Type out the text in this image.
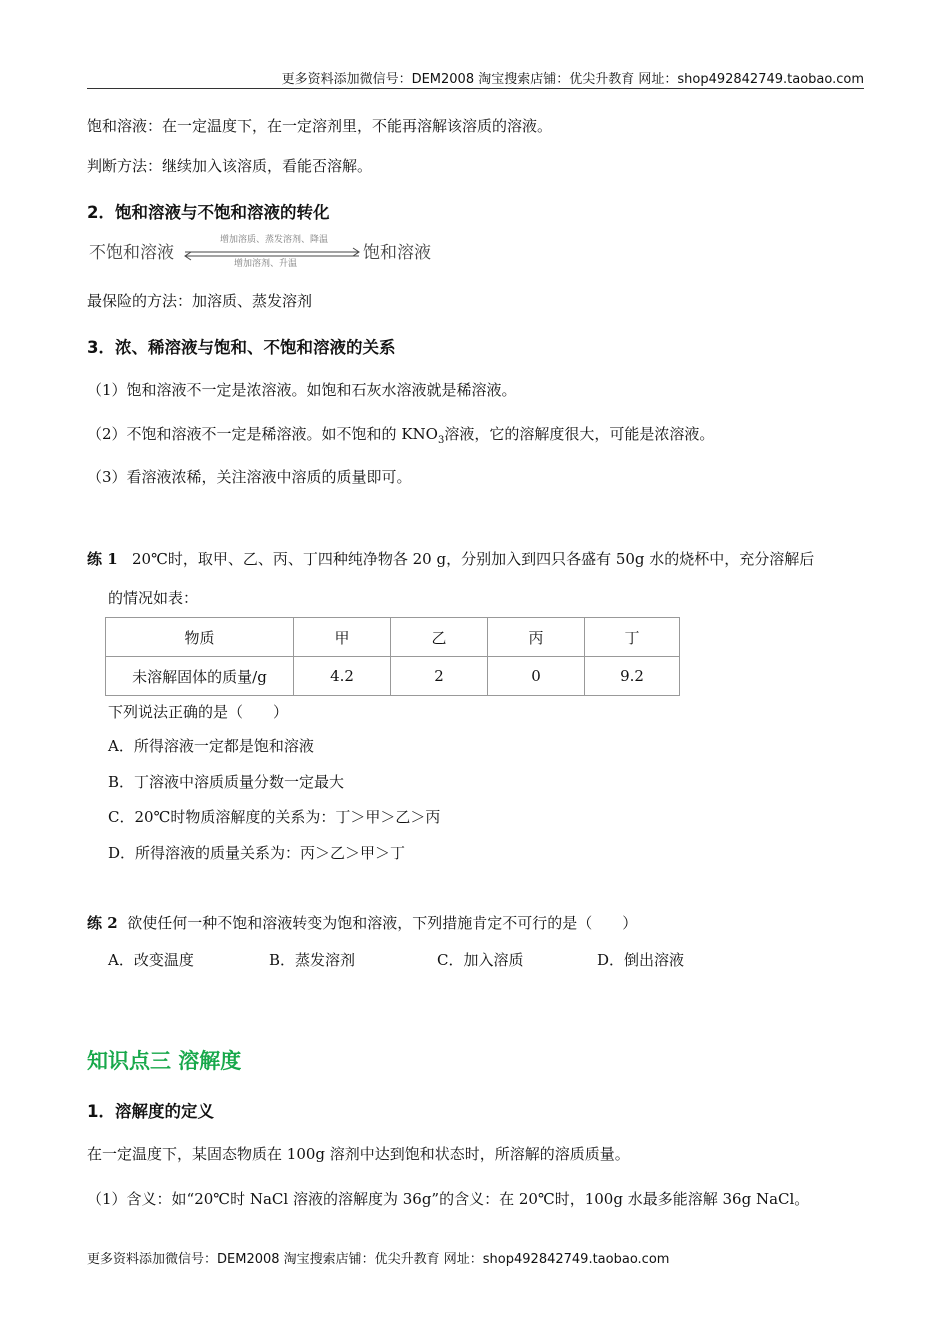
更多资料添加微信号：DEM2008 淘宝搜索店铺：优尖升教育 网址：shop492842749.taobao.com
饱和溶液：在一定温度下，在一定溶剂里，不能再溶解该溶质的溶液。
判断方法：继续加入该溶质，看能否溶解。
2．饱和溶液与不饱和溶液的转化
不饱和溶液
增加溶质、蒸发溶剂、降温
增加溶剂、升温
饱和溶液
最保险的方法：加溶质、蒸发溶剂
3．浓、稀溶液与饱和、不饱和溶液的关系
（1）饱和溶液不一定是浓溶液。如饱和石灰水溶液就是稀溶液。
（2）不饱和溶液不一定是稀溶液。如不饱和的 $KNO_3$溶液，它的溶解度很大，可能是浓溶液。
（3）看溶液浓稀，关注溶液中溶质的质量即可。
练 1 20℃时，取甲、乙、丙、丁四种纯净物各 20 g，分别加入到四只各盛有 50g 水的烧杯中，充分溶解后
的情况如表：
物质	甲	乙	丙	丁
未溶解固体的质量/g	4.2	2	0	9.2
下列说法正确的是（　　）
A．所得溶液一定都是饱和溶液
B．丁溶液中溶质质量分数一定最大
C．20℃时物质溶解度的关系为：丁＞甲＞乙＞丙
D．所得溶液的质量关系为：丙＞乙＞甲＞丁
练 2 欲使任何一种不饱和溶液转变为饱和溶液，下列措施肯定不可行的是（　　）
A．改变温度	B．蒸发溶剂	C．加入溶质	D．倒出溶液
知识点三 溶解度
1．溶解度的定义
在一定温度下，某固态物质在 100g 溶剂中达到饱和状态时，所溶解的溶质质量。
（1）含义：如“20℃时 NaCl 溶液的溶解度为 36g”的含义：在 20℃时，100g 水最多能溶解 36g NaCl。
更多资料添加微信号：DEM2008 淘宝搜索店铺：优尖升教育 网址：shop492842749.taobao.com
